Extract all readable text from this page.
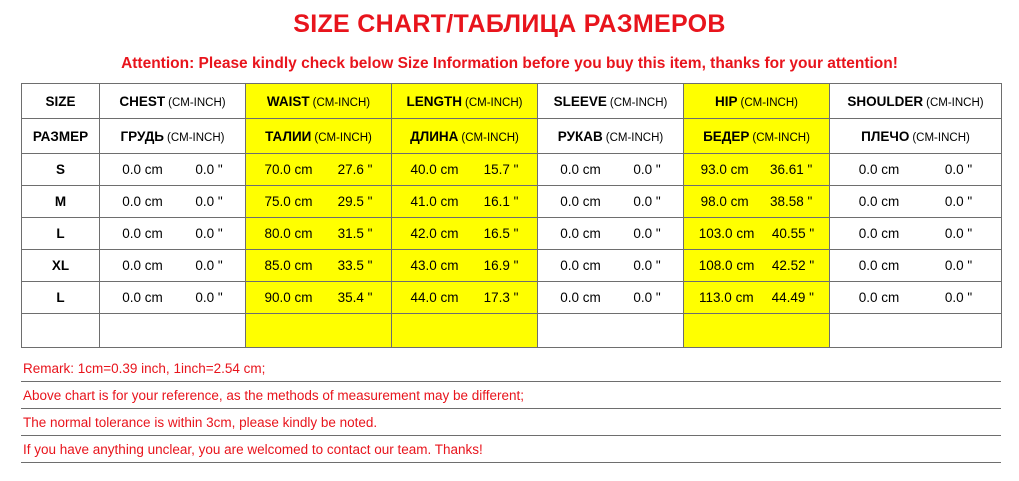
SIZE CHART/ТАБЛИЦА РАЗМЕРОВ
Attention: Please kindly check below Size Information before you buy this item, thanks for your attention!
SIZE	CHEST (CM-INCH)	WAIST (CM-INCH)	LENGTH (CM-INCH)	SLEEVE (CM-INCH)	HIP (CM-INCH)	SHOULDER (CM-INCH)
РАЗМЕР	ГРУДЬ (CM-INCH)	ТАЛИИ (CM-INCH)	ДЛИНА (CM-INCH)	РУКАВ (CM-INCH)	БЕДЕР (CM-INCH)	ПЛЕЧО (CM-INCH)
S	0.0 cm 0.0 "	70.0 cm 27.6 "	40.0 cm 15.7 "	0.0 cm 0.0 "	93.0 cm 36.61 "	0.0 cm 0.0 "

M	0.0 cm 0.0 "	75.0 cm 29.5 "	41.0 cm 16.1 "	0.0 cm 0.0 "	98.0 cm 38.58 "	0.0 cm 0.0 "

L	0.0 cm 0.0 "	80.0 cm 31.5 "	42.0 cm 16.5 "	0.0 cm 0.0 "	103.0 cm 40.55 "	0.0 cm 0.0 "

XL	0.0 cm 0.0 "	85.0 cm 33.5 "	43.0 cm 16.9 "	0.0 cm 0.0 "	108.0 cm 42.52 "	0.0 cm 0.0 "

L	0.0 cm 0.0 "	90.0 cm 35.4 "	44.0 cm 17.3 "	0.0 cm 0.0 "	113.0 cm 44.49 "	0.0 cm 0.0 "

Remark: 1cm=0.39 inch, 1inch=2.54 cm;
Above chart is for your reference, as the methods of measurement may be different;
The normal tolerance is within 3cm, please kindly be noted.
If you have anything unclear, you are welcomed to contact our team. Thanks!
